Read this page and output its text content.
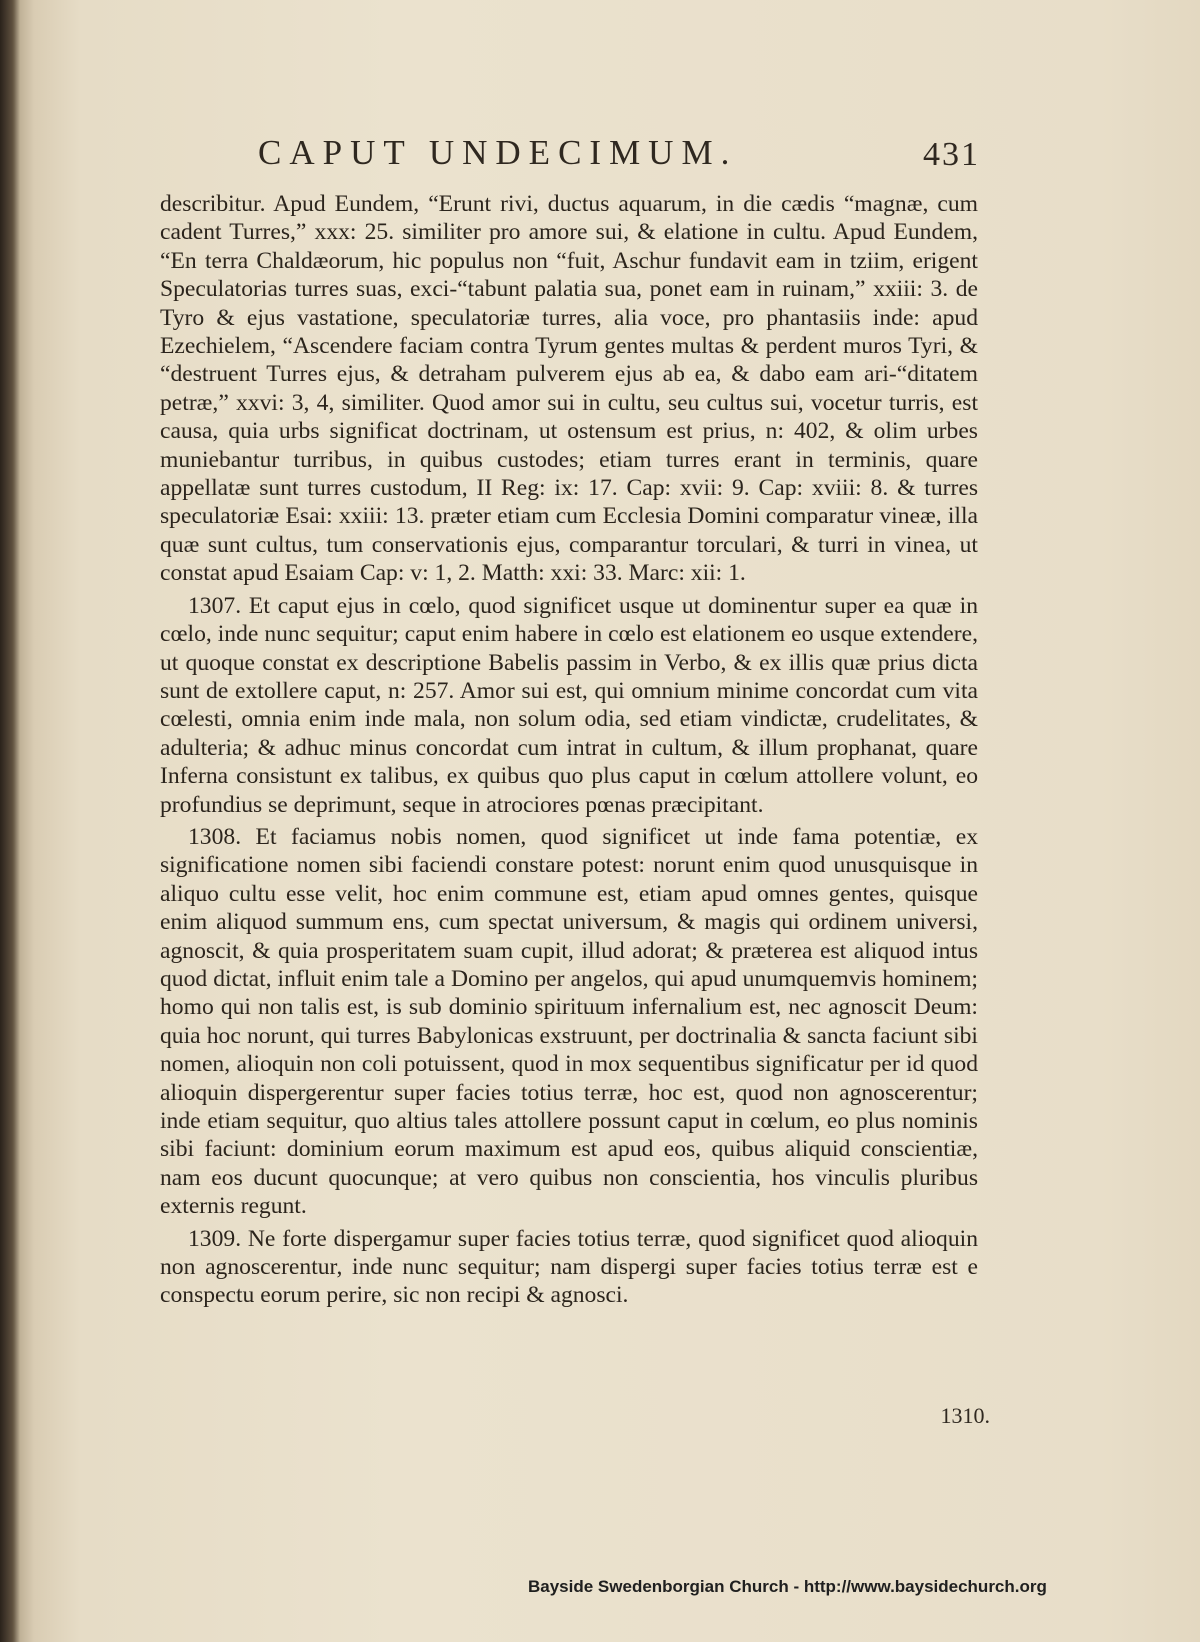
CAPUT UNDECIMUM.	431

describitur. Apud Eundem, “Erunt rivi, ductus aquarum, in die cædis “magnæ, cum cadent Turres,” xxx: 25. similiter pro amore sui, & elatione in cultu. Apud Eundem, “En terra Chaldæorum, hic populus non “fuit, Aschur fundavit eam in tziim, erigent Speculatorias turres suas, exci-“tabunt palatia sua, ponet eam in ruinam,” xxiii: 3. de Tyro & ejus vastatione, speculatoriæ turres, alia voce, pro phantasiis inde: apud Ezechielem, “Ascendere faciam contra Tyrum gentes multas & perdent muros Tyri, & “destruent Turres ejus, & detraham pulverem ejus ab ea, & dabo eam ari-“ditatem petræ,” xxvi: 3, 4, similiter. Quod amor sui in cultu, seu cultus sui, vocetur turris, est causa, quia urbs significat doctrinam, ut ostensum est prius, n: 402, & olim urbes muniebantur turribus, in quibus custodes; etiam turres erant in terminis, quare appellatæ sunt turres custodum, II Reg: ix: 17. Cap: xvii: 9. Cap: xviii: 8. & turres speculatoriæ Esai: xxiii: 13. præter etiam cum Ecclesia Domini comparatur vineæ, illa quæ sunt cultus, tum conservationis ejus, comparantur torculari, & turri in vinea, ut constat apud Esaiam Cap: v: 1, 2. Matth: xxi: 33. Marc: xii: 1.

1307. Et caput ejus in cœlo, quod significet usque ut dominentur super ea quæ in cœlo, inde nunc sequitur; caput enim habere in cœlo est elationem eo usque extendere, ut quoque constat ex descriptione Babelis passim in Verbo, & ex illis quæ prius dicta sunt de extollere caput, n: 257. Amor sui est, qui omnium minime concordat cum vita cœlesti, omnia enim inde mala, non solum odia, sed etiam vindictæ, crudelitates, & adulteria; & adhuc minus concordat cum intrat in cultum, & illum prophanat, quare Inferna consistunt ex talibus, ex quibus quo plus caput in cœlum attollere volunt, eo profundius se deprimunt, seque in atrociores pœnas præcipitant.

1308. Et faciamus nobis nomen, quod significet ut inde fama potentiæ, ex significatione nomen sibi faciendi constare potest: norunt enim quod unusquisque in aliquo cultu esse velit, hoc enim commune est, etiam apud omnes gentes, quisque enim aliquod summum ens, cum spectat universum, & magis qui ordinem universi, agnoscit, & quia prosperitatem suam cupit, illud adorat; & præterea est aliquod intus quod dictat, influit enim tale a Domino per angelos, qui apud unumquemvis hominem; homo qui non talis est, is sub dominio spirituum infernalium est, nec agnoscit Deum: quia hoc norunt, qui turres Babylonicas exstruunt, per doctrinalia & sancta faciunt sibi nomen, alioquin non coli potuissent, quod in mox sequentibus significatur per id quod alioquin dispergerentur super facies totius terræ, hoc est, quod non agnoscerentur; inde etiam sequitur, quo altius tales attollere possunt caput in cœlum, eo plus nominis sibi faciunt: dominium eorum maximum est apud eos, quibus aliquid conscientiæ, nam eos ducunt quocunque; at vero quibus non conscientia, hos vinculis pluribus externis regunt.

1309. Ne forte dispergamur super facies totius terræ, quod significet quod alioquin non agnoscerentur, inde nunc sequitur; nam dispergi super facies totius terræ est e conspectu eorum perire, sic non recipi & agnosci.

1310.
Bayside Swedenborgian Church - http://www.baysidechurch.org
